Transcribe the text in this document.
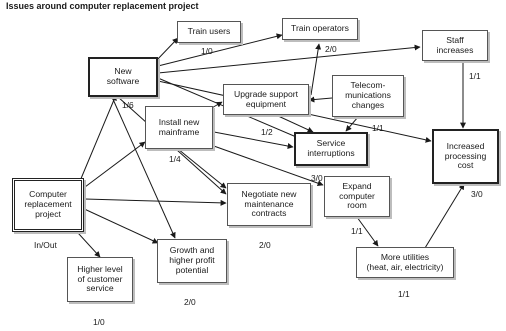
Issues around computer replacement project
Train users
1/0
Train operators
2/0
Staff
increases
1/1
New
software
1/6
Upgrade support
equipment
1/2
Telecom-
munications
changes
1/1
Install new
mainframe
1/4
Service
interruptions
3/0
Increased
processing
cost
3/0
Computer
replacement
project
In/Out
Negotiate new
maintenance
contracts
2/0
Expand
computer
room
1/1
Higher level
of customer
service
1/0
Growth and
higher profit
potential
2/0
More utilities
(heat, air, electricity)
1/1
